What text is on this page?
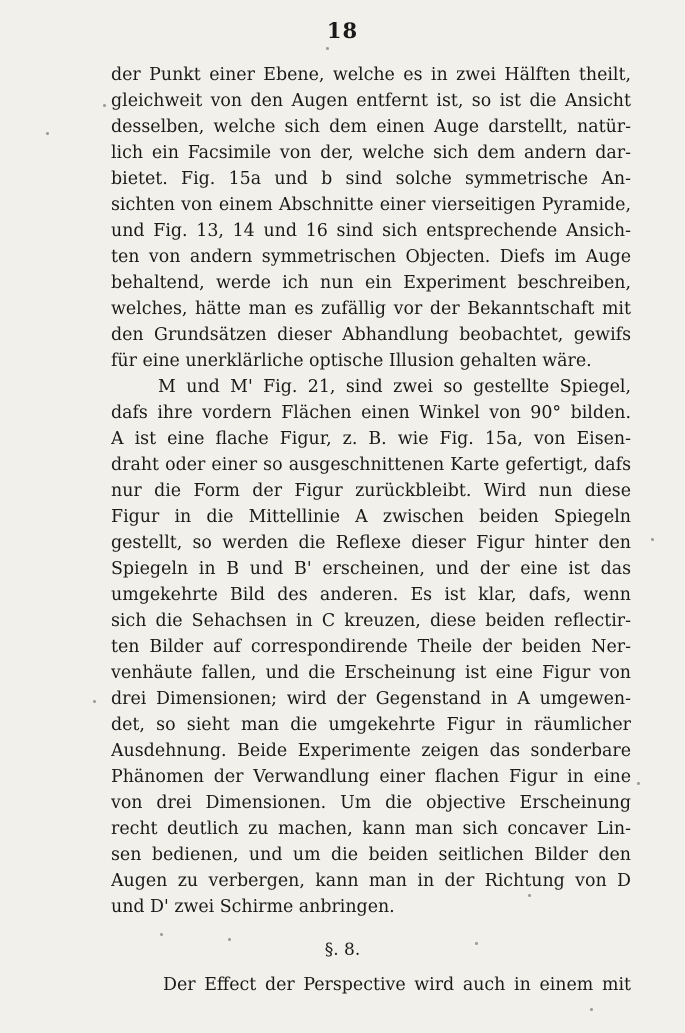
18
der Punkt einer Ebene, welche es in zwei Hälften theilt,
gleichweit von den Augen entfernt ist, so ist die Ansicht
desselben, welche sich dem einen Auge darstellt, natür-
lich ein Facsimile von der, welche sich dem andern dar-
bietet. Fig. 15a und b sind solche symmetrische An-
sichten von einem Abschnitte einer vierseitigen Pyramide,
und Fig. 13, 14 und 16 sind sich entsprechende Ansich-
ten von andern symmetrischen Objecten. Diefs im Auge
behaltend, werde ich nun ein Experiment beschreiben,
welches, hätte man es zufällig vor der Bekanntschaft mit
den Grundsätzen dieser Abhandlung beobachtet, gewifs
für eine unerklärliche optische Illusion gehalten wäre.
M und M' Fig. 21, sind zwei so gestellte Spiegel,
dafs ihre vordern Flächen einen Winkel von 90° bilden.
A ist eine flache Figur, z. B. wie Fig. 15a, von Eisen-
draht oder einer so ausgeschnittenen Karte gefertigt, dafs
nur die Form der Figur zurückbleibt. Wird nun diese
Figur in die Mittellinie A zwischen beiden Spiegeln
gestellt, so werden die Reflexe dieser Figur hinter den
Spiegeln in B und B' erscheinen, und der eine ist das
umgekehrte Bild des anderen. Es ist klar, dafs, wenn
sich die Sehachsen in C kreuzen, diese beiden reflectir-
ten Bilder auf correspondirende Theile der beiden Ner-
venhäute fallen, und die Erscheinung ist eine Figur von
drei Dimensionen; wird der Gegenstand in A umgewen-
det, so sieht man die umgekehrte Figur in räumlicher
Ausdehnung. Beide Experimente zeigen das sonderbare
Phänomen der Verwandlung einer flachen Figur in eine
von drei Dimensionen. Um die objective Erscheinung
recht deutlich zu machen, kann man sich concaver Lin-
sen bedienen, und um die beiden seitlichen Bilder den
Augen zu verbergen, kann man in der Richtung von D
und D' zwei Schirme anbringen.
§. 8.
Der Effect der Perspective wird auch in einem mit
